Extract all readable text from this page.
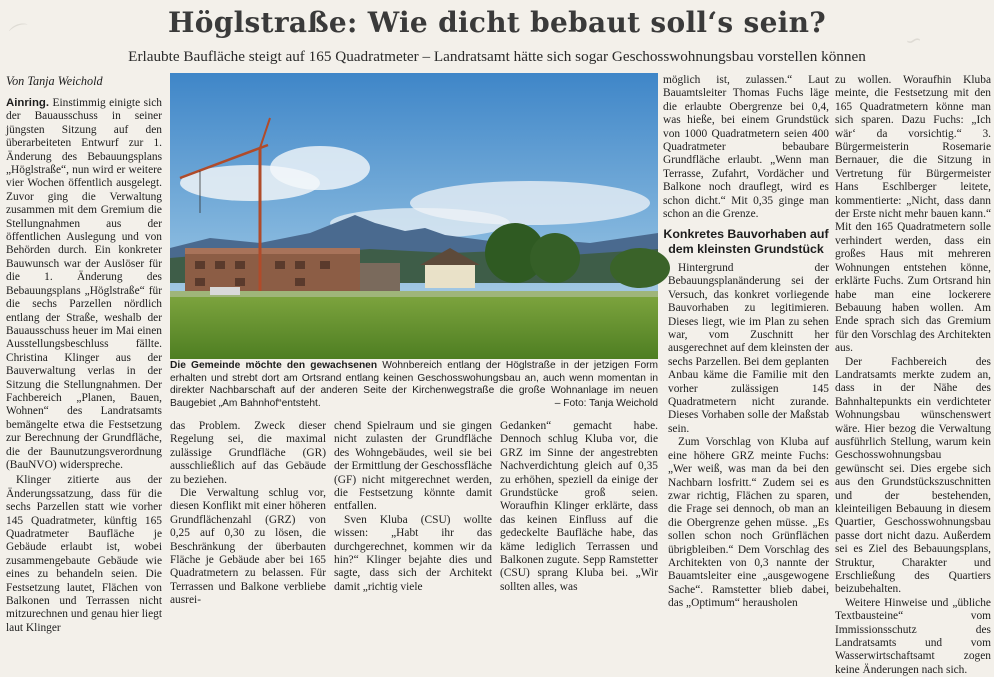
⌒	∽
Höglstraße: Wie dicht bebaut soll‘s sein?
Erlaubte Baufläche steigt auf 165 Quadratmeter – Landratsamt hätte sich sogar Geschosswohnungsbau vorstellen können
Von Tanja Weichold

Ainring. Einstimmig einigte sich der Bauausschuss in seiner jüngsten Sitzung auf den überarbeiteten Entwurf zur 1. Änderung des Bebauungsplans „Höglstraße“, nun wird er weitere vier Wochen öffentlich ausgelegt. Zuvor ging die Verwaltung zusammen mit dem Gremium die Stellungnahmen aus der öffentlichen Auslegung und von Behörden durch. Ein konkreter Bauwunsch war der Auslöser für die 1. Änderung des Bebauungsplans „Höglstraße“ für die sechs Parzellen nördlich entlang der Straße, weshalb der Bauausschuss heuer im Mai einen Ausstellungsbeschluss fällte. Christina Klinger aus der Bauverwaltung verlas in der Sitzung die Stellungnahmen. Der Fachbereich „Planen, Bauen, Wohnen“ des Landratsamts bemängelte etwa die Festsetzung zur Berechnung der Grundfläche, die der Baunutzungsverordnung (BauNVO) widerspreche.

Klinger zitierte aus der Änderungssatzung, dass für die sechs Parzellen statt wie vorher 145 Quadratmeter, künftig 165 Quadratmeter Baufläche je Gebäude erlaubt ist, wobei zusammengebaute Gebäude wie eines zu behandeln seien. Die Festsetzung lautet, Flächen von Balkonen und Terrassen nicht mitzurechnen und genau hier liegt laut Klinger

Die Gemeinde möchte den gewachsenen Wohnbereich entlang der Höglstraße in der jetzigen Form erhalten und strebt dort am Ortsrand entlang keinen Geschosswohungsbau an, auch wenn momentan in direkter Nachbarschaft auf der anderen Seite der Kirchenwegstraße die große Wohnanlage im neuen Baugebiet „Am Bahnhof“entsteht.	– Foto: Tanja Weichold

das Problem. Zweck dieser Regelung sei, die maximal zulässige Grundfläche (GR) ausschließlich auf das Gebäude zu beziehen.

Die Verwaltung schlug vor, diesen Konflikt mit einer höheren Grundflächenzahl (GRZ) von 0,25 auf 0,30 zu lösen, die Beschränkung der überbauten Fläche je Gebäude aber bei 165 Quadratmetern zu belassen. Für Terrassen und Balkone verbliebe ausrei-

chend Spielraum und sie gingen nicht zulasten der Grundfläche des Wohngebäudes, weil sie bei der Ermittlung der Geschossfläche (GF) nicht mitgerechnet werden, die Festsetzung könnte damit entfallen.

Sven Kluba (CSU) wollte wissen: „Habt ihr das durchgerechnet, kommen wir da hin?“ Klinger bejahte dies und sagte, dass sich der Architekt damit „richtig viele

möglich ist, zulassen.“ Laut Bauamtsleiter Thomas Fuchs läge die erlaubte Obergrenze bei 0,4, was hieße, bei einem Grundstück von 1000 Quadratmetern seien 400 Quadratmeter bebaubare Grundfläche erlaubt. „Wenn man Terrasse, Zufahrt, Vordächer und Balkone noch drauflegt, wird es schon dicht.“ Mit 0,35 ginge man schon an die Grenze.

Gedanken“ gemacht habe. Dennoch schlug Kluba vor, die GRZ im Sinne der angestrebten Nachverdichtung gleich auf 0,35 zu erhöhen, speziell da einige der Grundstücke groß seien. Woraufhin Klinger erklärte, dass das keinen Einfluss auf die gedeckelte Baufläche habe, das käme lediglich Terrassen und Balkonen zugute. Sepp Ramstetter (CSU) sprang Kluba bei. „Wir sollten alles, was

Konkretes Bauvorhaben auf dem kleinsten Grundstück

Hintergrund der Bebauungsplanänderung sei der Versuch, das konkret vorliegende Bauvorhaben zu legitimieren. Dieses liegt, wie im Plan zu sehen war, vom Zuschnitt her ausgerechnet auf dem kleinsten der sechs Parzellen. Bei dem geplanten Anbau käme die Familie mit den vorher zulässigen 145 Quadratmetern nicht zurande. Dieses Vorhaben solle der Maßstab sein.

Zum Vorschlag von Kluba auf eine höhere GRZ meinte Fuchs: „Wer weiß, was man da bei den Nachbarn losfritt.“ Zudem sei es zwar richtig, Flächen zu sparen, die Frage sei dennoch, ob man an die Obergrenze gehen müsse. „Es sollen schon noch Grünflächen übrigbleiben.“ Dem Vorschlag des Architekten von 0,3 nannte der Bauamtsleiter eine „ausgewogene Sache“. Ramstetter blieb dabei, das „Optimum“ herausholen

zu wollen. Woraufhin Kluba meinte, die Festsetzung mit den 165 Quadratmetern könne man sich sparen. Dazu Fuchs: „Ich wär‘ da vorsichtig.“ 3. Bürgermeisterin Rosemarie Bernauer, die die Sitzung in Vertretung für Bürgermeister Hans Eschlberger leitete, kommentierte: „Nicht, dass dann der Erste nicht mehr bauen kann.“ Mit den 165 Quadratmetern solle verhindert werden, dass ein großes Haus mit mehreren Wohnungen entstehen könne, erklärte Fuchs. Zum Ortsrand hin habe man eine lockerere Bebauung haben wollen. Am Ende sprach sich das Gremium für den Vorschlag des Architekten aus.

Der Fachbereich des Landratsamts merkte zudem an, dass in der Nähe des Bahnhaltepunkts ein verdichteter Wohnungsbau wünschenswert wäre. Hier bezog die Verwaltung ausführlich Stellung, warum kein Geschosswohnungsbau gewünscht sei. Dies ergebe sich aus den Grundstückszuschnitten und der bestehenden, kleinteiligen Bebauung in diesem Quartier, Geschosswohnungsbau passe dort nicht dazu. Außerdem sei es Ziel des Bebauungsplans, Struktur, Charakter und Erschließung des Quartiers beizubehalten.

Weitere Hinweise und „übliche Textbausteine“ vom Immissionsschutz des Landratsamts und vom Wasserwirtschaftsamt zogen keine Änderungen nach sich.
